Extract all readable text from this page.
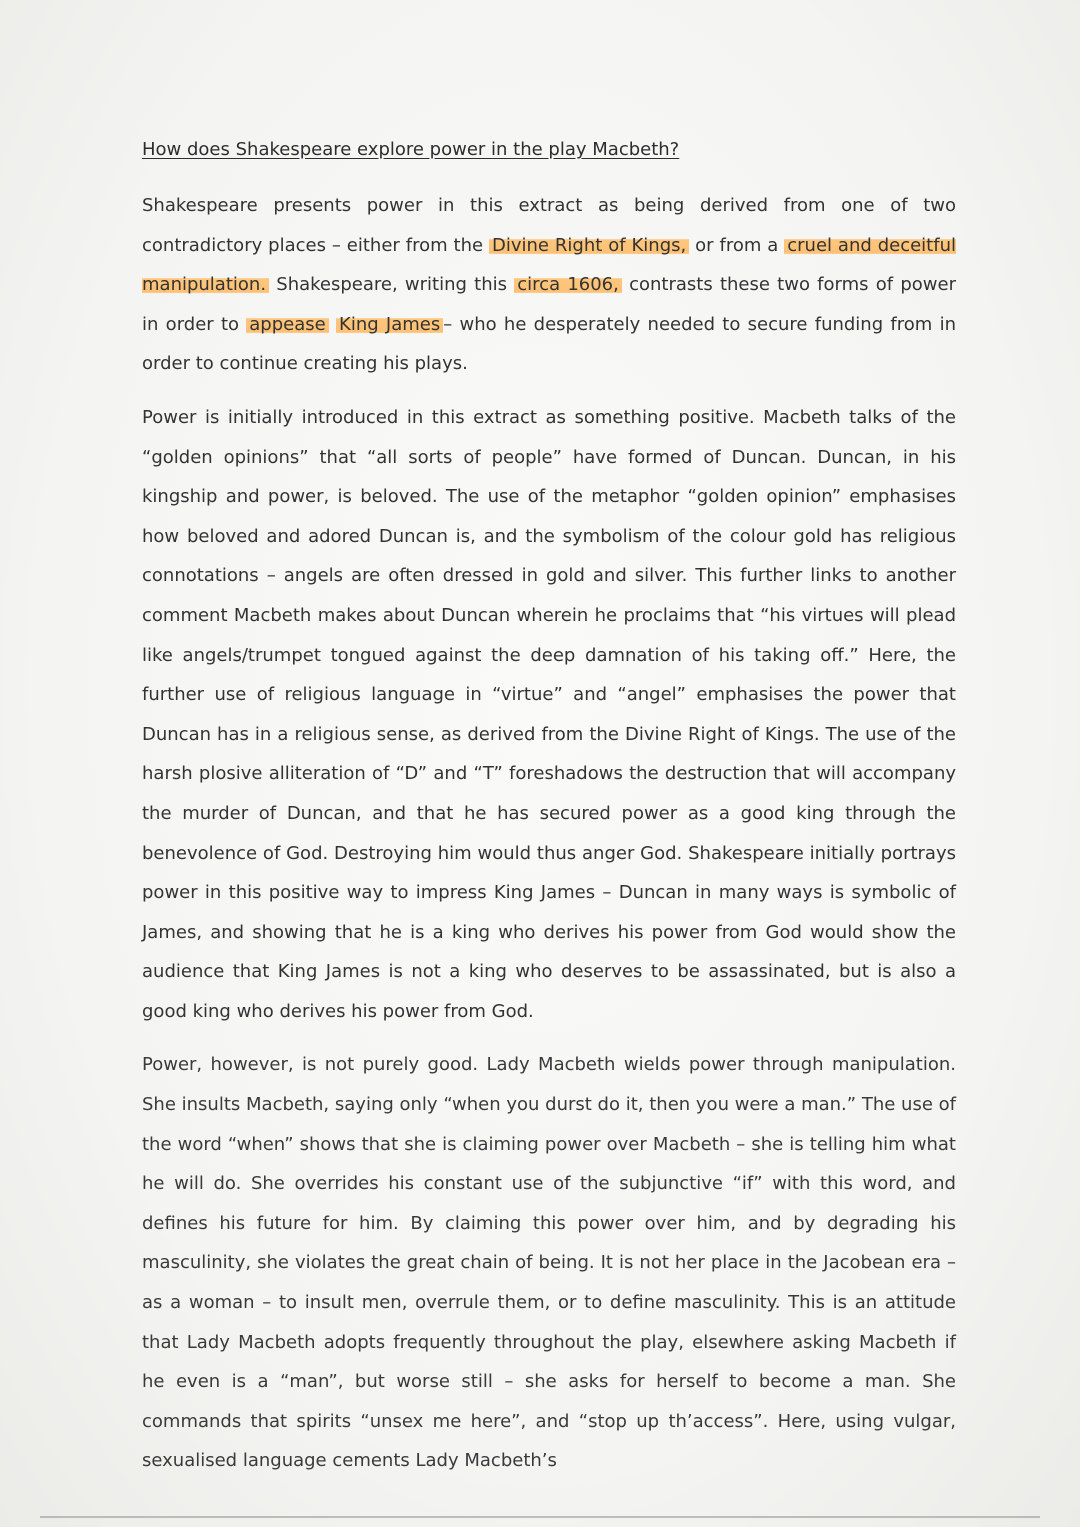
How does Shakespeare explore power in the play Macbeth?

Shakespeare presents power in this extract as being derived from one of two contradictory places – either from the Divine Right of Kings, or from a cruel and deceitful manipulation. Shakespeare, writing this circa 1606, contrasts these two forms of power in order to appease King James – who he desperately needed to secure funding from in order to continue creating his plays.

Power is initially introduced in this extract as something positive. Macbeth talks of the “golden opinions” that “all sorts of people” have formed of Duncan. Duncan, in his kingship and power, is beloved. The use of the metaphor “golden opinion” emphasises how beloved and adored Duncan is, and the symbolism of the colour gold has religious connotations – angels are often dressed in gold and silver. This further links to another comment Macbeth makes about Duncan wherein he proclaims that “his virtues will plead like angels/trumpet tongued against the deep damnation of his taking off.” Here, the further use of religious language in “virtue” and “angel” emphasises the power that Duncan has in a religious sense, as derived from the Divine Right of Kings. The use of the harsh plosive alliteration of “D” and “T” foreshadows the destruction that will accompany the murder of Duncan, and that he has secured power as a good king through the benevolence of God. Destroying him would thus anger God. Shakespeare initially portrays power in this positive way to impress King James – Duncan in many ways is symbolic of James, and showing that he is a king who derives his power from God would show the audience that King James is not a king who deserves to be assassinated, but is also a good king who derives his power from God.

Power, however, is not purely good. Lady Macbeth wields power through manipulation. She insults Macbeth, saying only “when you durst do it, then you were a man.” The use of the word “when” shows that she is claiming power over Macbeth – she is telling him what he will do. She overrides his constant use of the subjunctive “if” with this word, and defines his future for him. By claiming this power over him, and by degrading his masculinity, she violates the great chain of being. It is not her place in the Jacobean era – as a woman – to insult men, overrule them, or to define masculinity. This is an attitude that Lady Macbeth adopts frequently throughout the play, elsewhere asking Macbeth if he even is a “man”, but worse still – she asks for herself to become a man. She commands that spirits “unsex me here”, and “stop up th’access”. Here, using vulgar, sexualised language cements Lady Macbeth’s
